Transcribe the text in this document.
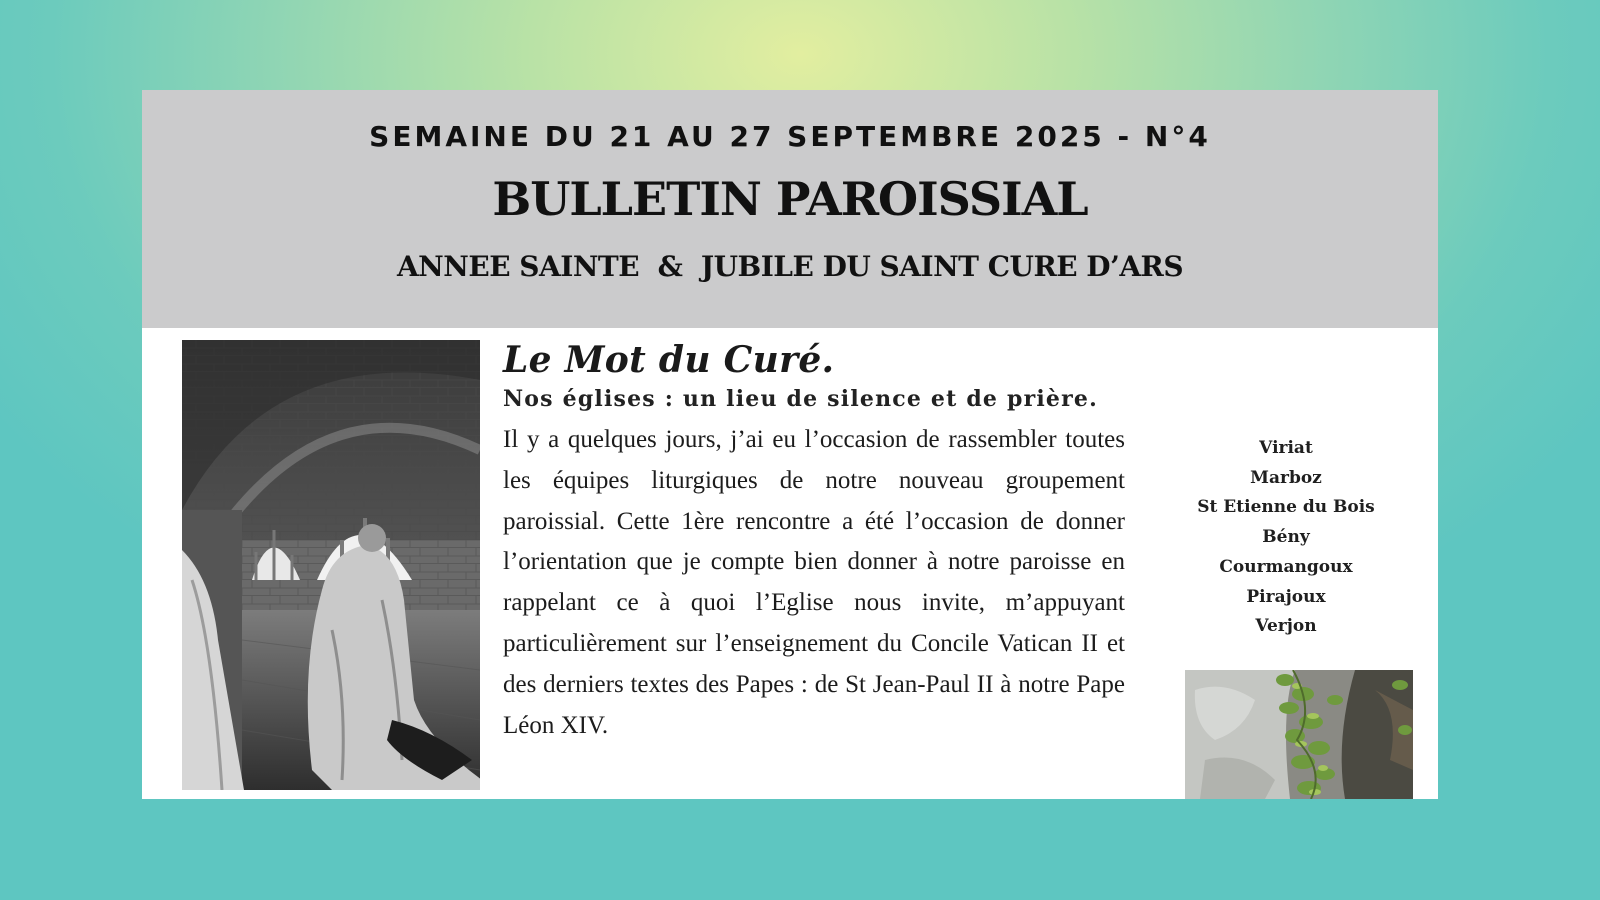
SEMAINE DU 21 AU 27 SEPTEMBRE 2025 - N°4
BULLETIN PAROISSIAL
ANNEE SAINTE  &  JUBILE DU SAINT CURE D’ARS
Le Mot du Curé.

Nos églises : un lieu de silence et de prière.

Il y a quelques jours, j’ai eu l’occasion de rassembler toutes les équipes liturgiques de notre nouveau groupement paroissial. Cette 1ère rencontre a été l’occasion de donner l’orientation que je compte bien donner à notre paroisse en rappelant ce à quoi l’Eglise nous invite, m’appuyant particulièrement sur l’enseignement du Concile Vatican II et des derniers textes des Papes : de St Jean-Paul II à notre Pape Léon XIV.

Viriat
Marboz
St Etienne du Bois
Bény
Courmangoux
Pirajoux
Verjon
